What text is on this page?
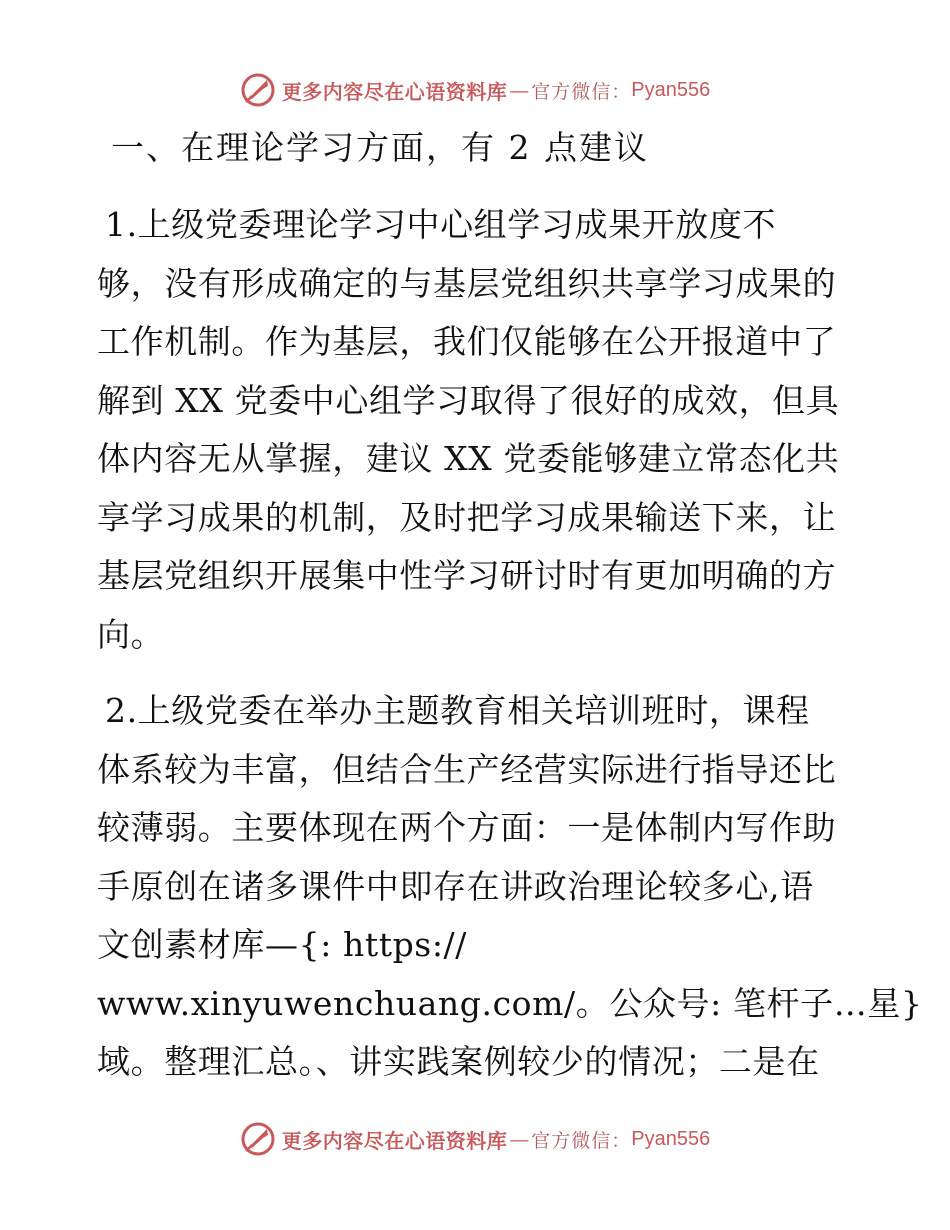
更多内容尽在心语资料库 — 官方微信： Pyan556
一、在理论学习方面，有 2 点建议
1.上级党委理论学习中心组学习成果开放度不
够，没有形成确定的与基层党组织共享学习成果的
工作机制。作为基层，我们仅能够在公开报道中了
解到 XX 党委中心组学习取得了很好的成效，但具
体内容无从掌握，建议 XX 党委能够建立常态化共
享学习成果的机制，及时把学习成果输送下来，让
基层党组织开展集中性学习研讨时有更加明确的方
向。
2.上级党委在举办主题教育相关培训班时，课程
体系较为丰富，但结合生产经营实际进行指导还比
较薄弱。主要体现在两个方面：一是体制内写作助
手原创在诸多课件中即存在讲政治理论较多心,语
文创素材库—{: https://
www.xinyuwenchuang.com/。公众号: 笔杆子…星}
域。整理汇总。、讲实践案例较少的情况；二是在
更多内容尽在心语资料库 — 官方微信： Pyan556
